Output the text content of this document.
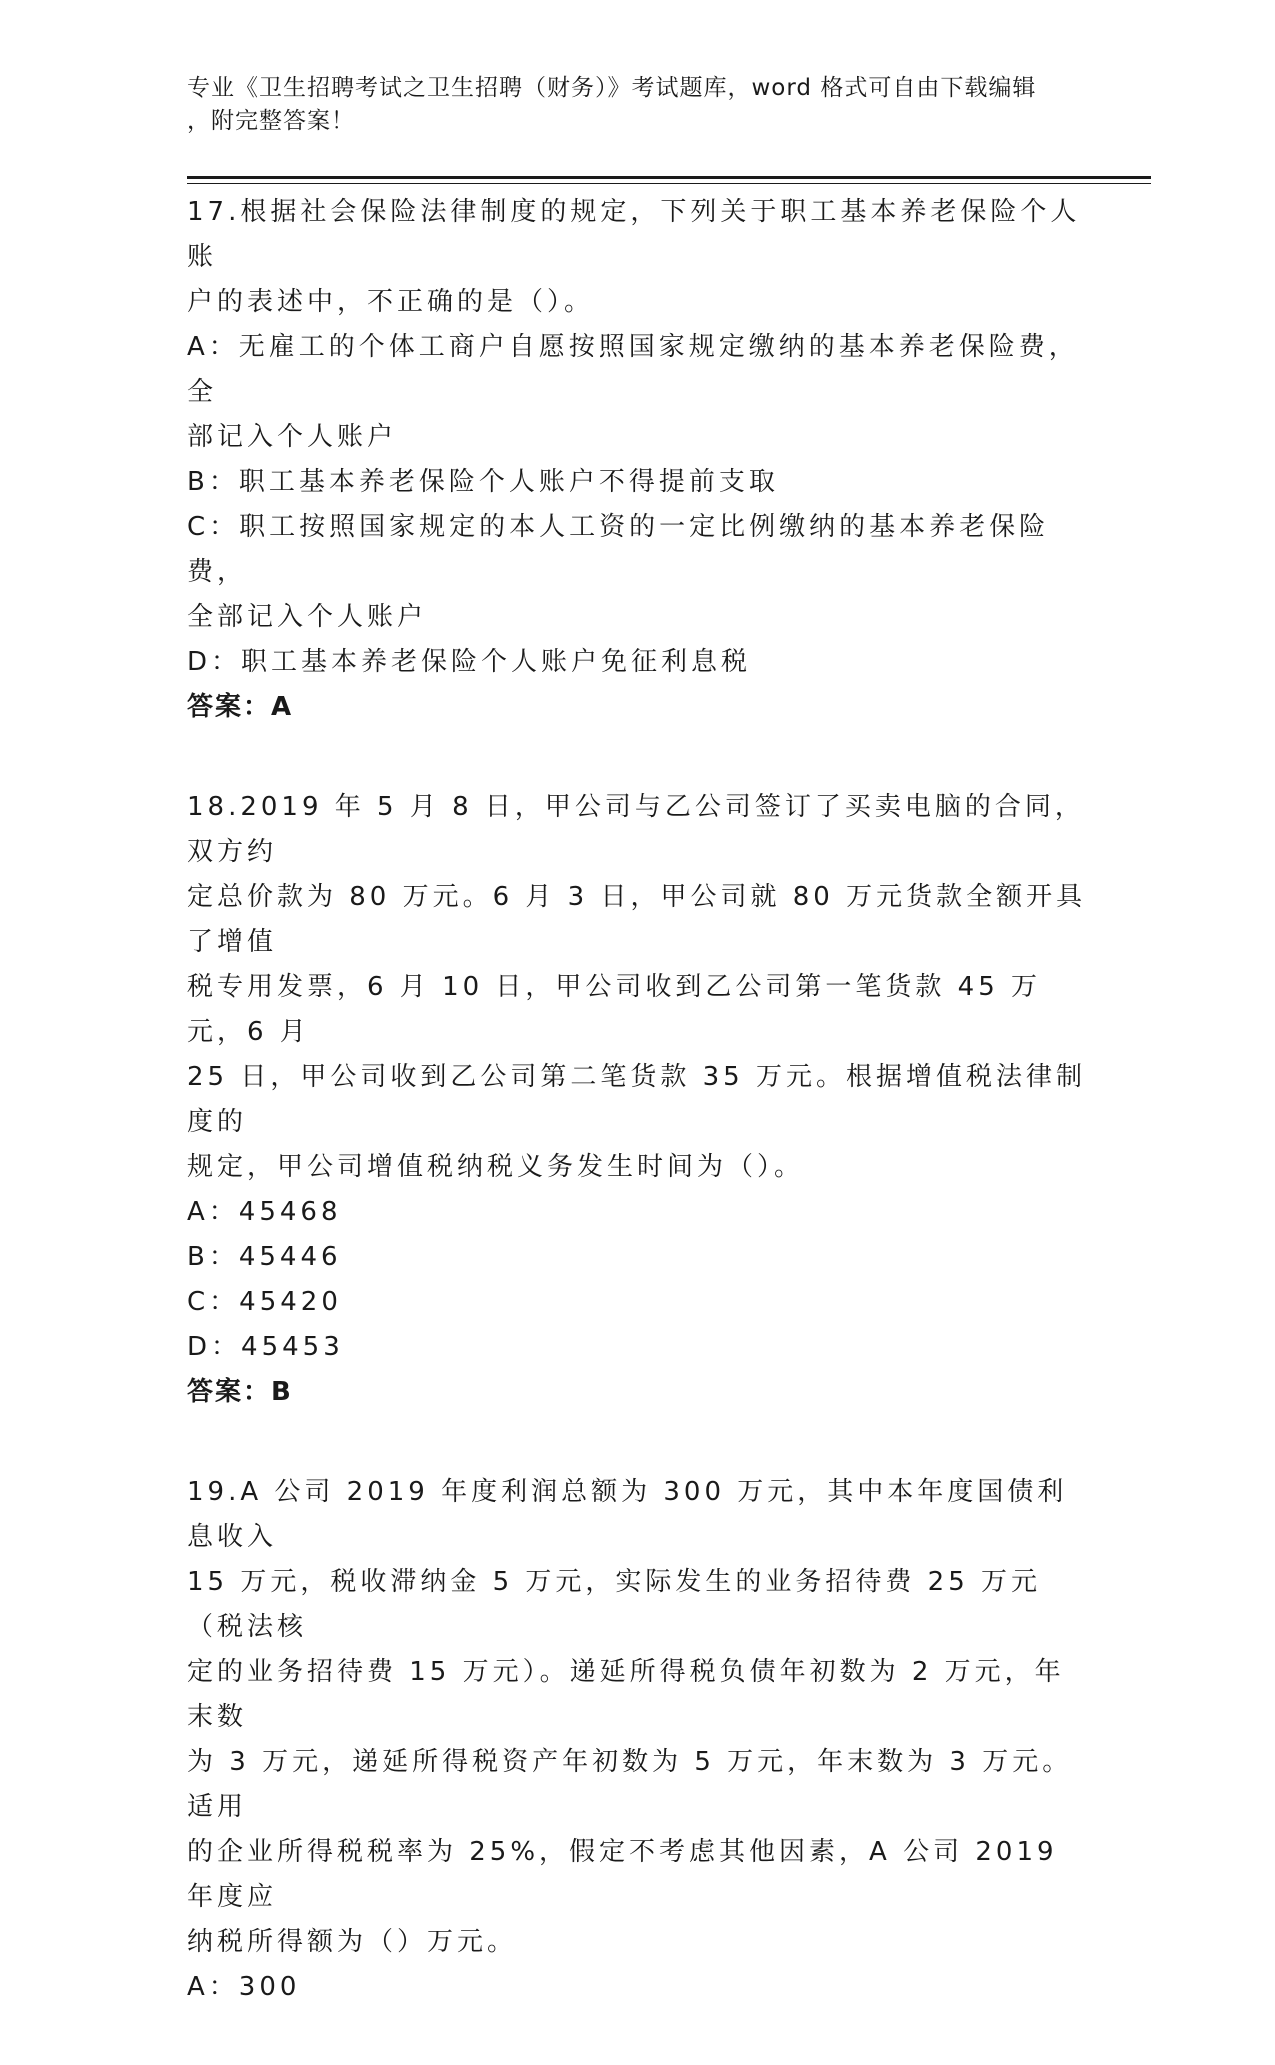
专业《卫生招聘考试之卫生招聘（财务）》考试题库，word 格式可自由下载编辑
，附完整答案！

17.根据社会保险法律制度的规定，下列关于职工基本养老保险个人账

户的表述中，不正确的是（）。

A：无雇工的个体工商户自愿按照国家规定缴纳的基本养老保险费，全

部记入个人账户

B：职工基本养老保险个人账户不得提前支取

C：职工按照国家规定的本人工资的一定比例缴纳的基本养老保险费，

全部记入个人账户

D：职工基本养老保险个人账户免征利息税

答案：A

18.2019 年 5 月 8 日，甲公司与乙公司签订了买卖电脑的合同，双方约

定总价款为 80 万元。6 月 3 日，甲公司就 80 万元货款全额开具了增值

税专用发票，6 月 10 日，甲公司收到乙公司第一笔货款 45 万元，6 月

25 日，甲公司收到乙公司第二笔货款 35 万元。根据增值税法律制度的

规定，甲公司增值税纳税义务发生时间为（）。

A：45468

B：45446

C：45420

D：45453

答案：B

19.A 公司 2019 年度利润总额为 300 万元，其中本年度国债利息收入

15 万元，税收滞纳金 5 万元，实际发生的业务招待费 25 万元（税法核

定的业务招待费 15 万元）。递延所得税负债年初数为 2 万元，年末数

为 3 万元，递延所得税资产年初数为 5 万元，年末数为 3 万元。适用

的企业所得税税率为 25%，假定不考虑其他因素，A 公司 2019 年度应

纳税所得额为（）万元。

A：300
